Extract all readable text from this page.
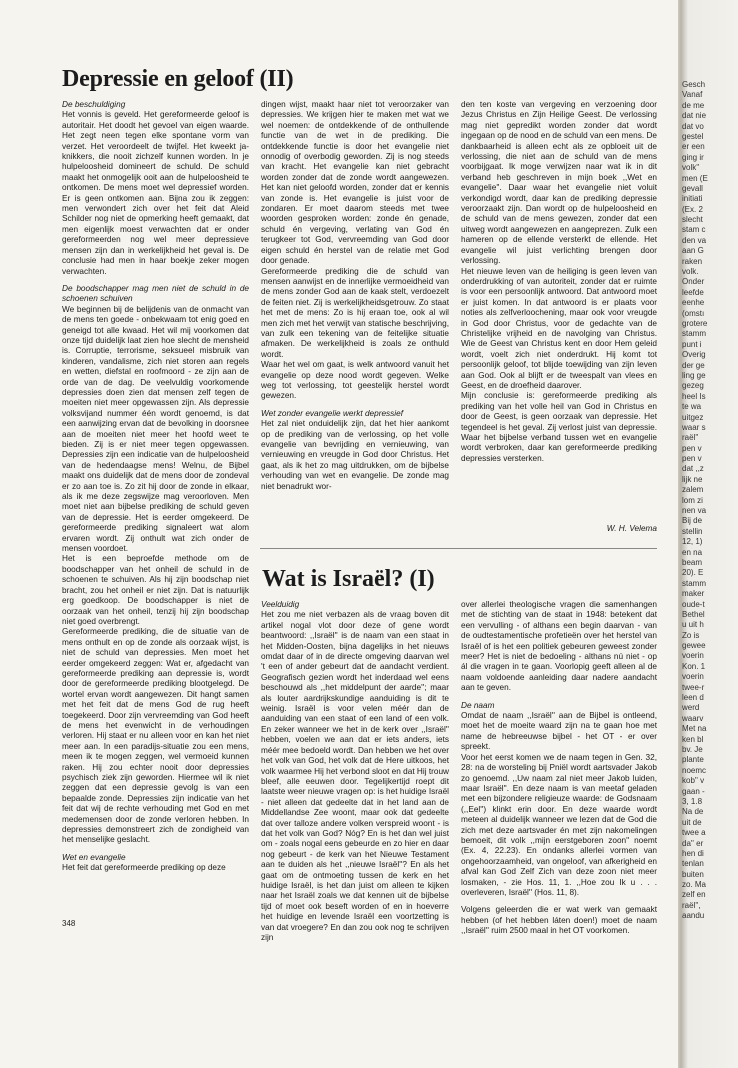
Depressie en geloof (II)

De beschuldiging

Het vonnis is geveld. Het gereformeerde geloof is autoritair. Het doodt het gevoel van eigen waarde. Het zegt neen tegen elke spontane vorm van verzet. Het veroordeelt de twijfel. Het kweekt ja-knikkers, die nooit zichzelf kunnen worden. In je hulpeloosheid domineert de schuld. De schuld maakt het onmogelijk ooit aan de hulpeloosheid te ontkomen. De mens moet wel depressief worden. Er is geen ontkomen aan. Bijna zou ik zeggen: men verwondert zich over het feit dat Aleid Schilder nog niet de opmerking heeft gemaakt, dat men eigenlijk moest verwachten dat er onder gereformeerden nog wel meer depressieve mensen zijn dan in werkelijkheid het geval is. De conclusie had men in haar boekje zeker mogen verwachten.

De boodschapper mag men niet de schuld in de schoenen schuiven

We beginnen bij de belijdenis van de onmacht van de mens ten goede - onbekwaam tot enig goed en geneigd tot alle kwaad. Het wil mij voorkomen dat onze tijd duidelijk laat zien hoe slecht de mensheid is. Corruptie, terrorisme, seksueel misbruik van kinderen, vandalisme, zich niet storen aan regels en wetten, diefstal en roofmoord - ze zijn aan de orde van de dag. De veelvuldig voorkomende depressies doen zien dat mensen zelf tegen de moeiten niet meer opgewassen zijn. Als depressie volksvijand nummer één wordt genoemd, is dat een aanwijzing ervan dat de bevolking in doorsnee aan de moeiten niet meer het hoofd weet te bieden. Zij is er niet meer tegen opgewassen. Depressies zijn een indicatie van de hulpeloosheid van de hedendaagse mens! Welnu, de Bijbel maakt ons duidelijk dat de mens door de zondeval er zo aan toe is. Zo zit hij door de zonde in elkaar, als ik me deze zegswijze mag veroorloven. Men moet niet aan bijbelse prediking de schuld geven van de depressie. Het is eerder omgekeerd. De gereformeerde prediking signaleert wat alom ervaren wordt. Zij onthult wat zich onder de mensen voordoet.

Het is een beproefde methode om de boodschapper van het onheil de schuld in de schoenen te schuiven. Als hij zijn boodschap niet bracht, zou het onheil er niet zijn. Dat is natuurlijk erg goedkoop. De boodschapper is niet de oorzaak van het onheil, tenzij hij zijn boodschap niet goed overbrengt.

Gereformeerde prediking, die de situatie van de mens onthult en op de zonde als oorzaak wijst, is niet de schuld van depressies. Men moet het eerder omgekeerd zeggen: Wat er, afgedacht van gereformeerde prediking aan depressie is, wordt door de gereformeerde prediking blootgelegd. De wortel ervan wordt aangewezen. Dit hangt samen met het feit dat de mens God de rug heeft toegekeerd. Door zijn vervreemding van God heeft de mens het evenwicht in de verhoudingen verloren. Hij staat er nu alleen voor en kan het niet meer aan. In een paradijs-situatie zou een mens, meen ik te mogen zeggen, wel vermoeid kunnen raken. Hij zou echter nooit door depressies psychisch ziek zijn geworden. Hiermee wil ik niet zeggen dat een depressie gevolg is van een bepaalde zonde. Depressies zijn indicatie van het feit dat wij de rechte verhouding met God en met medemensen door de zonde verloren hebben. In depressies demonstreert zich de zondigheid van het menselijke geslacht.

Wet en evangelie

Het feit dat gereformeerde prediking op deze

dingen wijst, maakt haar niet tot veroorzaker van depressies. We krijgen hier te maken met wat we wel noemen: de ontdekkende of de onthullende functie van de wet in de prediking. Die ontdekkende functie is door het evangelie niet onnodig of overbodig geworden. Zij is nog steeds van kracht. Het evangelie kan niet gebracht worden zonder dat de zonde wordt aangewezen. Het kan niet geloofd worden, zonder dat er kennis van zonde is. Het evangelie is juist voor de zondaren. Er moet daarom steeds met twee woorden gesproken worden: zonde én genade, schuld én vergeving, verlating van God én terugkeer tot God, vervreemding van God door eigen schuld én herstel van de relatie met God door genade.

Gereformeerde prediking die de schuld van mensen aanwijst en de innerlijke vermoeidheid van de mens zonder God aan de kaak stelt, verdoezelt de feiten niet. Zij is werkelijkheidsgetrouw. Zo staat het met de mens: Zo is hij eraan toe, ook al wil men zich met het verwijt van statische beschrijving, van zulk een tekening van de feitelijke situatie afmaken. De werkelijkheid is zoals ze onthuld wordt.

Waar het wel om gaat, is welk antwoord vanuit het evangelie op deze nood wordt gegeven. Welke weg tot verlossing, tot geestelijk herstel wordt gewezen.

Wet zonder evangelie werkt depressief

Het zal niet onduidelijk zijn, dat het hier aankomt op de prediking van de verlossing, op het volle evangelie van bevrijding en vernieuwing, van vernieuwing en vreugde in God door Christus. Het gaat, als ik het zo mag uitdrukken, om de bijbelse verhouding van wet en evangelie. De zonde mag niet benadrukt wor-

den ten koste van vergeving en verzoening door Jezus Christus en Zijn Heilige Geest. De verlossing mag niet gepredikt worden zonder dat wordt ingegaan op de nood en de schuld van een mens. De dankbaarheid is alleen echt als ze opbloeit uit de verlossing, die niet aan de schuld van de mens voorbijgaat. Ik moge verwijzen naar wat ik in dit verband heb geschreven in mijn boek ,,Wet en evangelie''. Daar waar het evangelie niet voluit verkondigd wordt, daar kan de prediking depressie veroorzaakt zijn. Dan wordt op de hulpeloosheid en de schuld van de mens gewezen, zonder dat een uitweg wordt aangewezen en aangeprezen. Zulk een hameren op de ellende versterkt de ellende. Het evangelie wil juist verlichting brengen door verlossing.

Het nieuwe leven van de heiliging is geen leven van onderdrukking of van autoriteit, zonder dat er ruimte is voor een persoonlijk antwoord. Dat antwoord moet er juist komen. In dat antwoord is er plaats voor noties als zelfverloochening, maar ook voor vreugde in God door Christus, voor de gedachte van de Christelijke vrijheid en de navolging van Christus. Wie de Geest van Christus kent en door Hem geleid wordt, voelt zich niet onderdrukt. Hij komt tot persoonlijk geloof, tot blijde toewijding van zijn leven aan God. Ook al blijft er de tweespalt van vlees en Geest, en de droefheid daarover.

Mijn conclusie is: gereformeerde prediking als prediking van het volle heil van God in Christus en door de Geest, is geen oorzaak van depressie. Het tegendeel is het geval. Zij verlost juist van depressie. Waar het bijbelse verband tussen wet en evangelie wordt verbroken, daar kan gereformeerde prediking depressies versterken.

W. H. Velema
Wat is Israël? (I)

Veelduidig

Het zou me niet verbazen als de vraag boven dit artikel nogal vlot door deze of gene wordt beantwoord: ,,Israël'' is de naam van een staat in het Midden-Oosten, bijna dagelijks in het nieuws omdat daar of in de directe omgeving daarvan wel 't een of ander gebeurt dat de aandacht verdient. Geografisch gezien wordt het inderdaad wel eens beschouwd als ,,het middelpunt der aarde''; maar als louter aardrijkskundige aanduiding is dit te weinig. Israël is voor velen méér dan de aanduiding van een staat of een land of een volk. En zeker wanneer we het in de kerk over ,,Israël'' hebben, voelen we aan dat er iets anders, iets méér mee bedoeld wordt. Dan hebben we het over het volk van God, het volk dat de Here uitkoos, het volk waarmee Hij het verbond sloot en dat Hij trouw bleef, alle eeuwen door. Tegelijkertijd roept dit laatste weer nieuwe vragen op: is het huidige Israël - niet alleen dat gedeelte dat in het land aan de Middellandse Zee woont, maar ook dat gedeelte dat over talloze andere volken verspreid woont - is dat het volk van God? Nóg? En is het dan wel juist om - zoals nogal eens gebeurde en zo hier en daar nog gebeurt - de kerk van het Nieuwe Testament aan te duiden als het ,,nieuwe Israël''? En als het gaat om de ontmoeting tussen de kerk en het huidige Israël, is het dan juist om alleen te kijken naar het Israël zoals we dat kennen uit de bijbelse tijd of moet ook beseft worden of en in hoeverre het huidige en levende Israël een voortzetting is van dat vroegere? En dan zou ook nog te schrijven zijn

over allerlei theologische vragen die samenhangen met de stichting van de staat in 1948: betekent dat een vervulling - of althans een begin daarvan - van de oudtestamentische profetieën over het herstel van Israël of is het een politiek gebeuren geweest zonder meer? Het is niet de bedoeling - althans nú niet - op ál die vragen in te gaan. Voorlopig geeft alleen al de naam voldoende aanleiding daar nadere aandacht aan te geven.

De naam

Omdat de naam ,,Israël'' aan de Bijbel is ontleend, moet het de moeite waard zijn na te gaan hoe met name de hebreeuwse bijbel - het OT - er over spreekt.

Voor het eerst komen we de naam tegen in Gen. 32, 28: na de worsteling bij Pniël wordt aartsvader Jakob zo genoemd. ,,Uw naam zal niet meer Jakob luiden, maar Israël''. En deze naam is van meetaf geladen met een bijzondere religieuze waarde: de Godsnaam (,,Eel'') klinkt erin door. En deze waarde wordt meteen al duidelijk wanneer we lezen dat de God die zich met deze aartsvader én met zijn nakomelingen bemoeit, dit volk ,,mijn eerstgeboren zoon'' noemt (Ex. 4, 22.23). En ondanks allerlei vormen van ongehoorzaamheid, van ongeloof, van afkerigheid en afval kan God Zelf Zich van deze zoon niet meer losmaken, - zie Hos. 11, 1. ,,Hoe zou Ik u . . . overleveren, Israël'' (Hos. 11, 8).

Volgens geleerden die er wat werk van gemaakt hebben (of het hebben láten doen!) moet de naam ,,Israël'' ruim 2500 maal in het OT voorkomen.

348
Gesch
Vanaf
de me
dat nie
dat vo
gestel
er een
ging ir
volk''
men (E
gevall
initiati
(Ex. 2
slecht
stam c
den va
aan G
raken
volk.
Onder
leefde
eenhe
(omstı
grotere
stamm
punt i
Overig
der ge
ling ge
gezeg
heel Is
te wa
uitgez
waar s
raël''
pen v
pen v
dat ,,z
lijk ne
zalem
lom zi
nen va
Bij de
stellin
12, 1)
en na
beam
20). E
stamm
maker
oude-t
Bethel
u uit h
Zo is
gewee
voerin
Kon. 1
voerin
twee-r
leen d
werd
waarv
Met na
ken bl
bv. Je
plante
noemc
kob'' v
gaan -
3, 1.8
Na de
uit de
twee a
da'' er
hen di
tenlan
buiten
zo. Ma
zelf en
raël'',
aandu
